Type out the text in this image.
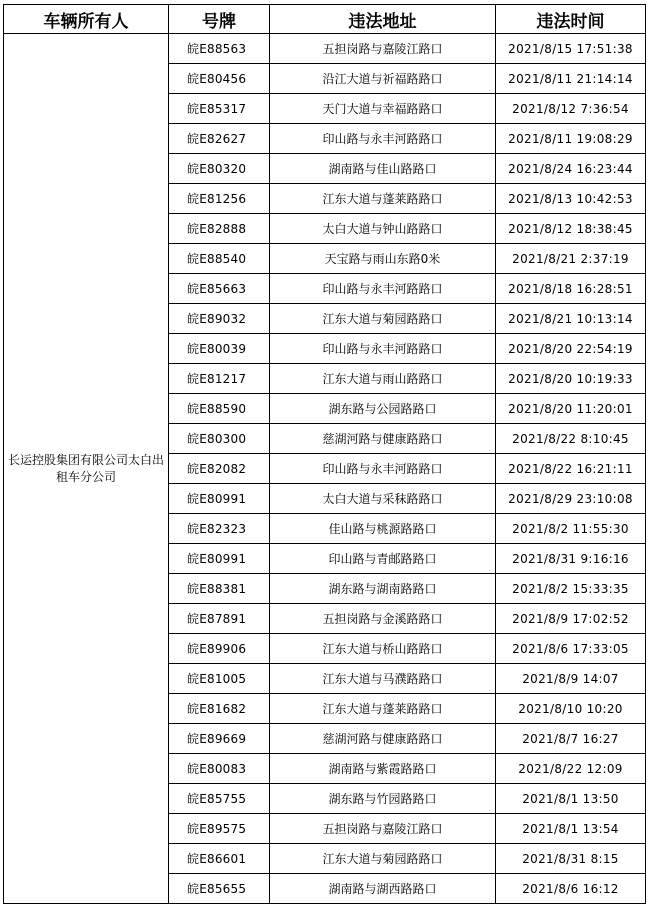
车辆所有人	号牌	违法地址	违法时间
长运控股集团有限公司太白出租车分公司	皖E88563	五担岗路与嘉陵江路口	2021/8/15 17:51:38
	皖E80456	沿江大道与祈福路路口	2021/8/11 21:14:14
	皖E85317	天门大道与幸福路路口	2021/8/12 7:36:54
	皖E82627	印山路与永丰河路路口	2021/8/11 19:08:29
	皖E80320	湖南路与佳山路路口	2021/8/24 16:23:44
	皖E81256	江东大道与蓬莱路路口	2021/8/13 10:42:53
	皖E82888	太白大道与钟山路路口	2021/8/12 18:38:45
	皖E88540	天宝路与雨山东路0米	2021/8/21 2:37:19
	皖E85663	印山路与永丰河路路口	2021/8/18 16:28:51
	皖E89032	江东大道与菊园路路口	2021/8/21 10:13:14
	皖E80039	印山路与永丰河路路口	2021/8/20 22:54:19
	皖E81217	江东大道与雨山路路口	2021/8/20 10:19:33
	皖E88590	湖东路与公园路路口	2021/8/20 11:20:01
	皖E80300	慈湖河路与健康路路口	2021/8/22 8:10:45
	皖E82082	印山路与永丰河路路口	2021/8/22 16:21:11
	皖E80991	太白大道与采秣路路口	2021/8/29 23:10:08
	皖E82323	佳山路与桃源路路口	2021/8/2 11:55:30
	皖E80991	印山路与青邮路路口	2021/8/31 9:16:16
	皖E88381	湖东路与湖南路路口	2021/8/2 15:33:35
	皖E87891	五担岗路与金溪路路口	2021/8/9 17:02:52
	皖E89906	江东大道与桥山路路口	2021/8/6 17:33:05
	皖E81005	江东大道与马濮路路口	2021/8/9 14:07
	皖E81682	江东大道与蓬莱路路口	2021/8/10 10:20
	皖E89669	慈湖河路与健康路路口	2021/8/7 16:27
	皖E80083	湖南路与紫霞路路口	2021/8/22 12:09
	皖E85755	湖东路与竹园路路口	2021/8/1 13:50
	皖E89575	五担岗路与嘉陵江路口	2021/8/1 13:54
	皖E86601	江东大道与菊园路路口	2021/8/31 8:15
	皖E85655	湖南路与湖西路路口	2021/8/6 16:12
